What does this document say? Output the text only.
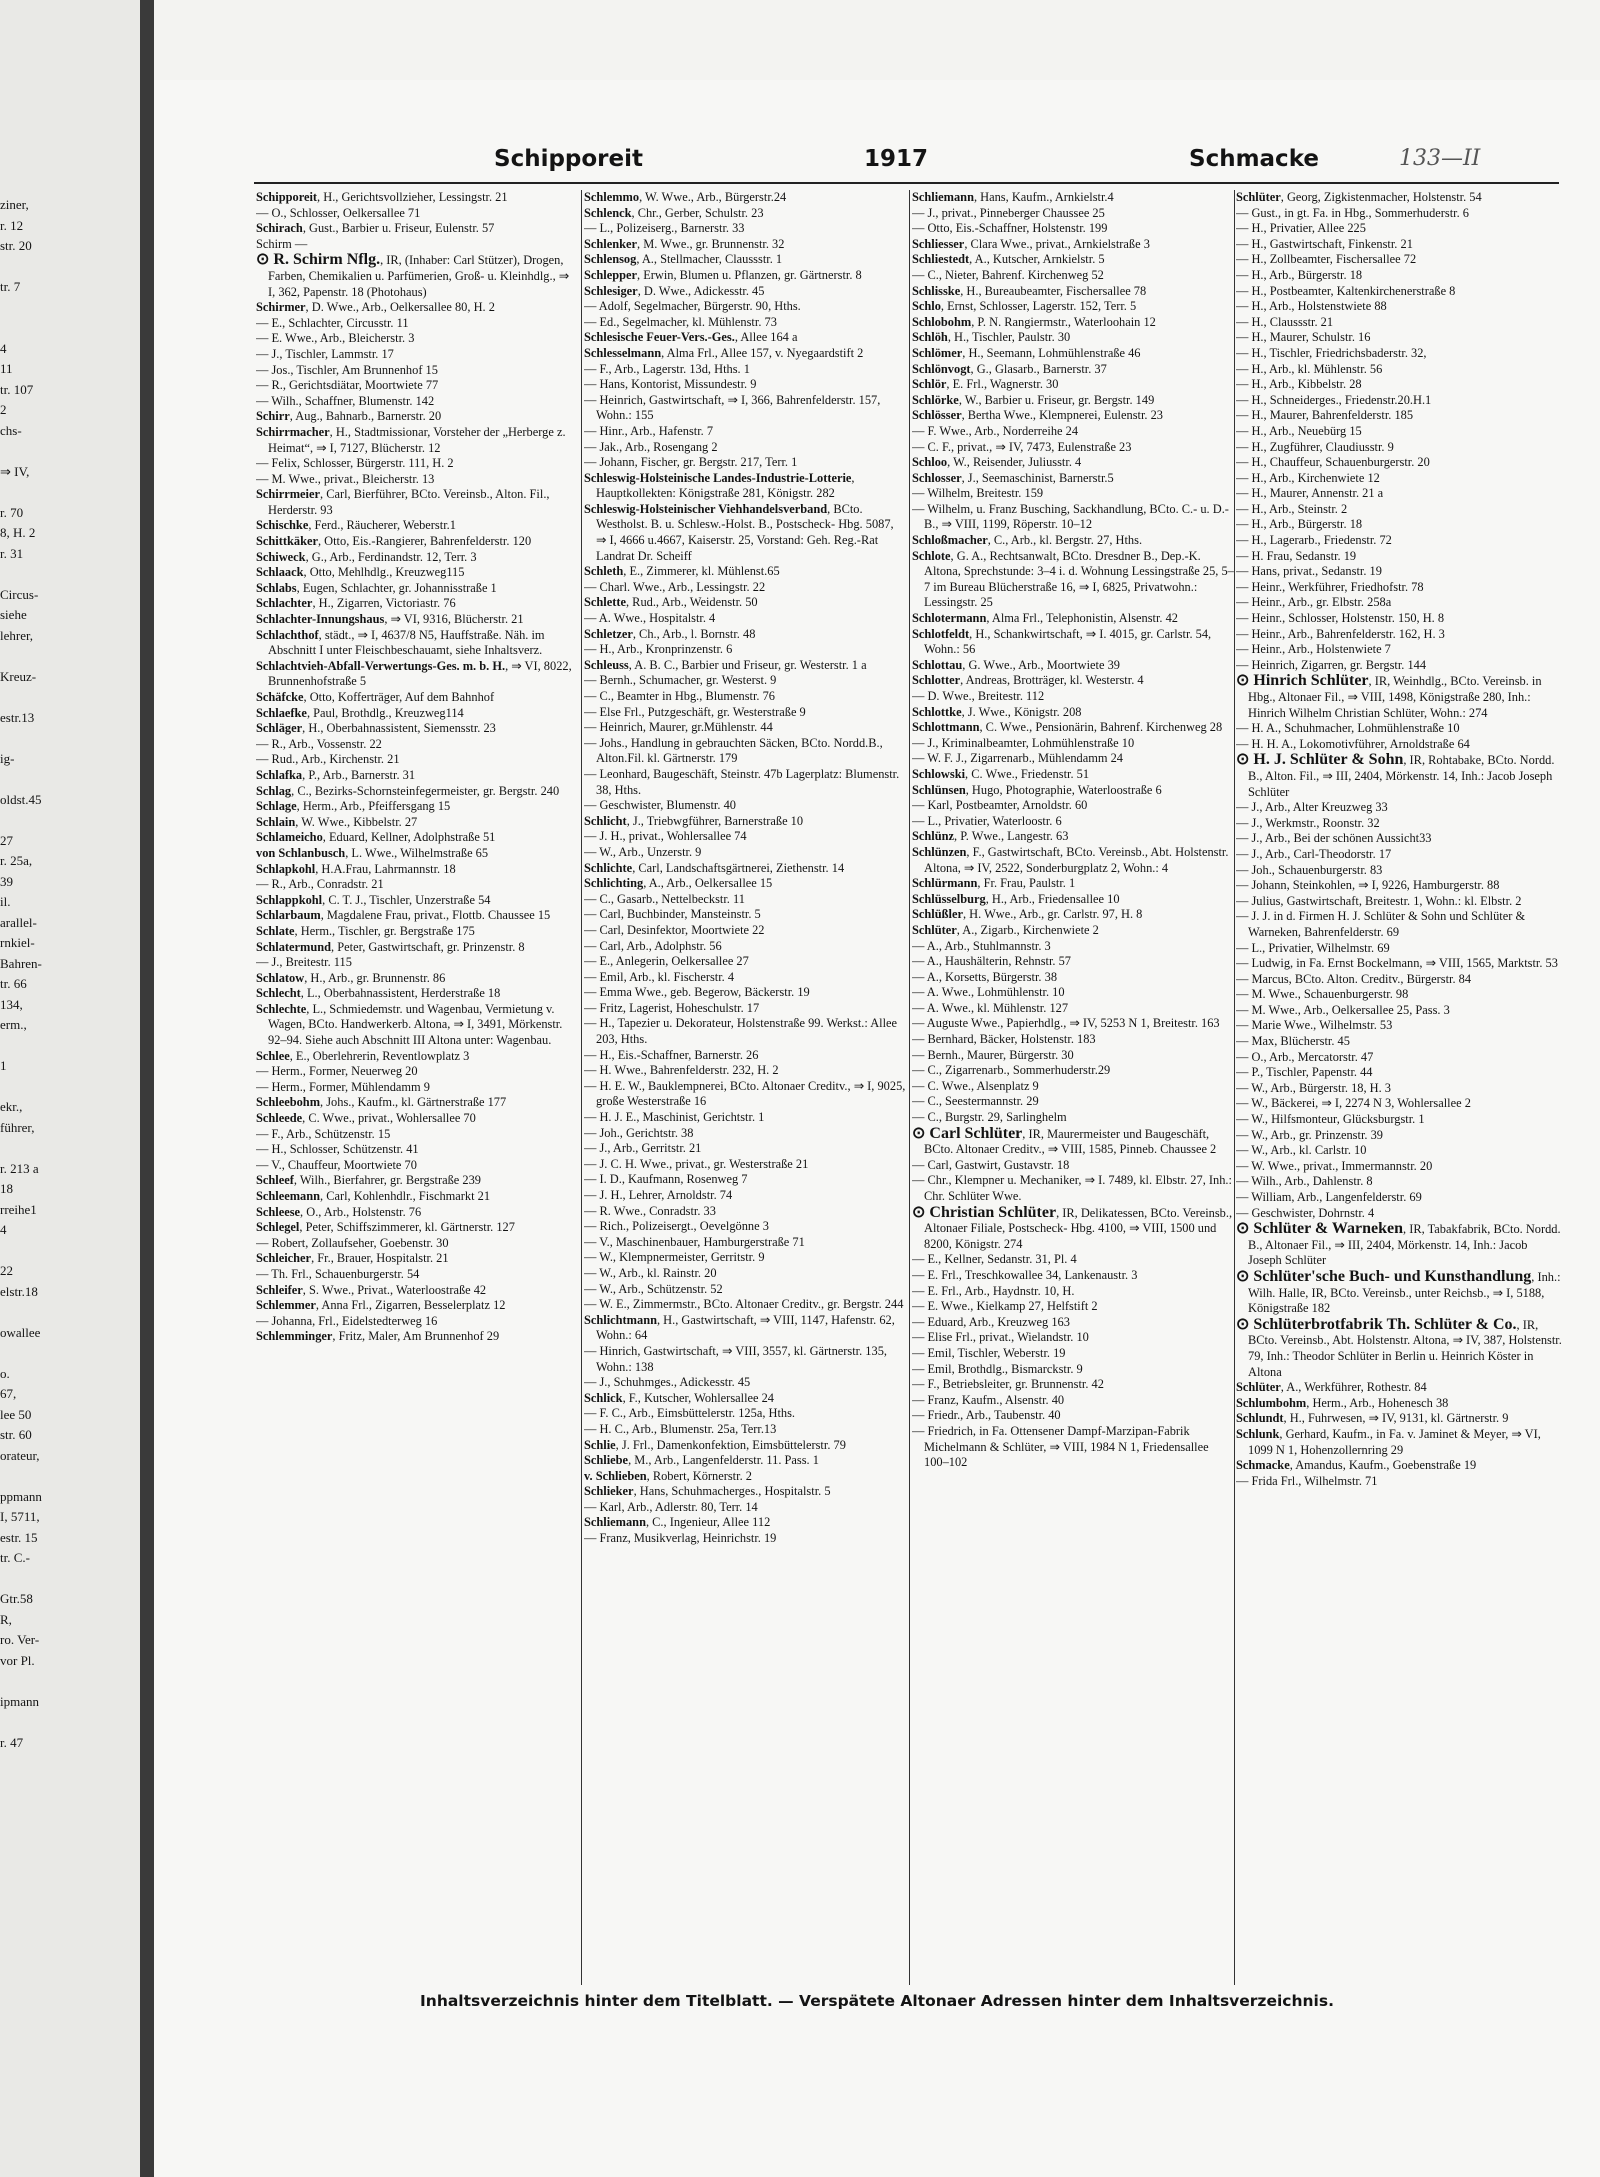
ziner,
r. 12
str. 20

tr. 7

4
11
tr. 107
2
chs-

⇒ IV,

r. 70
8, H. 2
r. 31

Circus-
siehe
lehrer,

Kreuz-

estr.13

ig-

oldst.45

27
r. 25a,
39
il.
arallel-
rnkiel-
Bahren-
tr. 66
134,
erm.,

1

ekr.,
führer,

r. 213 a
18
rreihe1
4

22
elstr.18

owallee

o.
67,
lee 50
str. 60
orateur,

ppmann
I, 5711,
estr. 15
tr. C.-

Gtr.58
R,
ro. Ver-
vor Pl.

ipmann

r. 47
Schipporeit	1917	Schmacke	133—II

Schipporeit, H., Gerichtsvollzieher, Lessingstr. 21

— O., Schlosser, Oelkersallee 71

Schirach, Gust., Barbier u. Friseur, Eulenstr. 57

Schirm —

⊙ R. Schirm Nflg., IR, (Inhaber: Carl Stützer), Drogen, Farben, Chemikalien u. Parfümerien, Groß- u. Kleinhdlg., ⇒ I, 362, Papenstr. 18 (Photohaus)

Schirmer, D. Wwe., Arb., Oelkersallee 80, H. 2

— E., Schlachter, Circusstr. 11

— E. Wwe., Arb., Bleicherstr. 3

— J., Tischler, Lammstr. 17

— Jos., Tischler, Am Brunnenhof 15

— R., Gerichtsdiätar, Moortwiete 77

— Wilh., Schaffner, Blumenstr. 142

Schirr, Aug., Bahnarb., Barnerstr. 20

Schirrmacher, H., Stadtmissionar, Vorsteher der „Herberge z. Heimat“, ⇒ I, 7127, Blücherstr. 12

— Felix, Schlosser, Bürgerstr. 111, H. 2

— M. Wwe., privat., Bleicherstr. 13

Schirrmeier, Carl, Bierführer, BCto. Vereinsb., Alton. Fil., Herderstr. 93

Schischke, Ferd., Räucherer, Weberstr.1

Schittkäker, Otto, Eis.-Rangierer, Bahrenfelderstr. 120

Schiweck, G., Arb., Ferdinandstr. 12, Terr. 3

Schlaack, Otto, Mehlhdlg., Kreuzweg115

Schlabs, Eugen, Schlachter, gr. Johannisstraße 1

Schlachter, H., Zigarren, Victoriastr. 76

Schlachter-Innungshaus, ⇒ VI, 9316, Blücherstr. 21

Schlachthof, städt., ⇒ I, 4637/8 N5, Hauffstraße. Näh. im Abschnitt I unter Fleischbeschauamt, siehe Inhaltsverz.

Schlachtvieh-Abfall-Verwertungs-Ges. m. b. H., ⇒ VI, 8022, Brunnenhofstraße 5

Schäfcke, Otto, Kofferträger, Auf dem Bahnhof

Schlaefke, Paul, Brothdlg., Kreuzweg114

Schläger, H., Oberbahnassistent, Siemensstr. 23

— R., Arb., Vossenstr. 22

— Rud., Arb., Kirchenstr. 21

Schlafka, P., Arb., Barnerstr. 31

Schlag, C., Bezirks-Schornsteinfegermeister, gr. Bergstr. 240

Schlage, Herm., Arb., Pfeiffersgang 15

Schlain, W. Wwe., Kibbelstr. 27

Schlameicho, Eduard, Kellner, Adolphstraße 51

von Schlanbusch, L. Wwe., Wilhelmstraße 65

Schlapkohl, H.A.Frau, Lahrmannstr. 18

— R., Arb., Conradstr. 21

Schlappkohl, C. T. J., Tischler, Unzerstraße 54

Schlarbaum, Magdalene Frau, privat., Flottb. Chaussee 15

Schlate, Herm., Tischler, gr. Bergstraße 175

Schlatermund, Peter, Gastwirtschaft, gr. Prinzenstr. 8

— J., Breitestr. 115

Schlatow, H., Arb., gr. Brunnenstr. 86

Schlecht, L., Oberbahnassistent, Herderstraße 18

Schlechte, L., Schmiedemstr. und Wagenbau, Vermietung v. Wagen, BCto. Handwerkerb. Altona, ⇒ I, 3491, Mörkenstr. 92–94. Siehe auch Abschnitt III Altona unter: Wagenbau.

Schlee, E., Oberlehrerin, Reventlowplatz 3

— Herm., Former, Neuerweg 20

— Herm., Former, Mühlendamm 9

Schleebohm, Johs., Kaufm., kl. Gärtnerstraße 177

Schleede, C. Wwe., privat., Wohlersallee 70

— F., Arb., Schützenstr. 15

— H., Schlosser, Schützenstr. 41

— V., Chauffeur, Moortwiete 70

Schleef, Wilh., Bierfahrer, gr. Bergstraße 239

Schleemann, Carl, Kohlenhdlr., Fischmarkt 21

Schleese, O., Arb., Holstenstr. 76

Schlegel, Peter, Schiffszimmerer, kl. Gärtnerstr. 127

— Robert, Zollaufseher, Goebenstr. 30

Schleicher, Fr., Brauer, Hospitalstr. 21

— Th. Frl., Schauenburgerstr. 54

Schleifer, S. Wwe., Privat., Waterloostraße 42

Schlemmer, Anna Frl., Zigarren, Besselerplatz 12

— Johanna, Frl., Eidelstedterweg 16

Schlemminger, Fritz, Maler, Am Brunnenhof 29

Schlemmo, W. Wwe., Arb., Bürgerstr.24

Schlenck, Chr., Gerber, Schulstr. 23

— L., Polizeiserg., Barnerstr. 33

Schlenker, M. Wwe., gr. Brunnenstr. 32

Schlensog, A., Stellmacher, Claussstr. 1

Schlepper, Erwin, Blumen u. Pflanzen, gr. Gärtnerstr. 8

Schlesiger, D. Wwe., Adickesstr. 45

— Adolf, Segelmacher, Bürgerstr. 90, Hths.

— Ed., Segelmacher, kl. Mühlenstr. 73

Schlesische Feuer-Vers.-Ges., Allee 164 a

Schlesselmann, Alma Frl., Allee 157, v. Nyegaardstift 2

— F., Arb., Lagerstr. 13d, Hths. 1

— Hans, Kontorist, Missundestr. 9

— Heinrich, Gastwirtschaft, ⇒ I, 366, Bahrenfelderstr. 157, Wohn.: 155

— Hinr., Arb., Hafenstr. 7

— Jak., Arb., Rosengang 2

— Johann, Fischer, gr. Bergstr. 217, Terr. 1

Schleswig-Holsteinische Landes-Industrie-Lotterie, Hauptkollekten: Königstraße 281, Königstr. 282

Schleswig-Holsteinischer Viehhandelsverband, BCto. Westholst. B. u. Schlesw.-Holst. B., Postscheck- Hbg. 5087, ⇒ I, 4666 u.4667, Kaiserstr. 25, Vorstand: Geh. Reg.-Rat Landrat Dr. Scheiff

Schleth, E., Zimmerer, kl. Mühlenst.65

— Charl. Wwe., Arb., Lessingstr. 22

Schlette, Rud., Arb., Weidenstr. 50

— A. Wwe., Hospitalstr. 4

Schletzer, Ch., Arb., l. Bornstr. 48

— H., Arb., Kronprinzenstr. 6

Schleuss, A. B. C., Barbier und Friseur, gr. Westerstr. 1 a

— Bernh., Schumacher, gr. Westerst. 9

— C., Beamter in Hbg., Blumenstr. 76

— Else Frl., Putzgeschäft, gr. Westerstraße 9

— Heinrich, Maurer, gr.Mühlenstr. 44

— Johs., Handlung in gebrauchten Säcken, BCto. Nordd.B., Alton.Fil. kl. Gärtnerstr. 179

— Leonhard, Baugeschäft, Steinstr. 47b Lagerplatz: Blumenstr. 38, Hths.

— Geschwister, Blumenstr. 40

Schlicht, J., Triebwgführer, Barnerstraße 10

— J. H., privat., Wohlersallee 74

— W., Arb., Unzerstr. 9

Schlichte, Carl, Landschaftsgärtnerei, Ziethenstr. 14

Schlichting, A., Arb., Oelkersallee 15

— C., Gasarb., Nettelbeckstr. 11

— Carl, Buchbinder, Mansteinstr. 5

— Carl, Desinfektor, Moortwiete 22

— Carl, Arb., Adolphstr. 56

— E., Anlegerin, Oelkersallee 27

— Emil, Arb., kl. Fischerstr. 4

— Emma Wwe., geb. Begerow, Bäckerstr. 19

— Fritz, Lagerist, Hoheschulstr. 17

— H., Tapezier u. Dekorateur, Holstenstraße 99. Werkst.: Allee 203, Hths.

— H., Eis.-Schaffner, Barnerstr. 26

— H. Wwe., Bahrenfelderstr. 232, H. 2

— H. E. W., Bauklempnerei, BCto. Altonaer Creditv., ⇒ I, 9025, große Westerstraße 16

— H. J. E., Maschinist, Gerichtstr. 1

— Joh., Gerichtstr. 38

— J., Arb., Gerritstr. 21

— J. C. H. Wwe., privat., gr. Westerstraße 21

— I. D., Kaufmann, Rosenweg 7

— J. H., Lehrer, Arnoldstr. 74

— R. Wwe., Conradstr. 33

— Rich., Polizeisergt., Oevelgönne 3

— V., Maschinenbauer, Hamburgerstraße 71

— W., Klempnermeister, Gerritstr. 9

— W., Arb., kl. Rainstr. 20

— W., Arb., Schützenstr. 52

— W. E., Zimmermstr., BCto. Altonaer Creditv., gr. Bergstr. 244

Schlichtmann, H., Gastwirtschaft, ⇒ VIII, 1147, Hafenstr. 62, Wohn.: 64

— Hinrich, Gastwirtschaft, ⇒ VIII, 3557, kl. Gärtnerstr. 135, Wohn.: 138

— J., Schuhmges., Adickesstr. 45

Schlick, F., Kutscher, Wohlersallee 24

— F. C., Arb., Eimsbüttelerstr. 125a, Hths.

— H. C., Arb., Blumenstr. 25a, Terr.13

Schlie, J. Frl., Damenkonfektion, Eimsbüttelerstr. 79

Schliebe, M., Arb., Langenfelderstr. 11. Pass. 1

v. Schlieben, Robert, Körnerstr. 2

Schlieker, Hans, Schuhmacherges., Hospitalstr. 5

— Karl, Arb., Adlerstr. 80, Terr. 14

Schliemann, C., Ingenieur, Allee 112

— Franz, Musikverlag, Heinrichstr. 19

Schliemann, Hans, Kaufm., Arnkielstr.4

— J., privat., Pinneberger Chaussee 25

— Otto, Eis.-Schaffner, Holstenstr. 199

Schliesser, Clara Wwe., privat., Arnkielstraße 3

Schliestedt, A., Kutscher, Arnkielstr. 5

— C., Nieter, Bahrenf. Kirchenweg 52

Schlisske, H., Bureaubeamter, Fischersallee 78

Schlo, Ernst, Schlosser, Lagerstr. 152, Terr. 5

Schlobohm, P. N. Rangiermstr., Waterloohain 12

Schlöh, H., Tischler, Paulstr. 30

Schlömer, H., Seemann, Lohmühlenstraße 46

Schlönvogt, G., Glasarb., Barnerstr. 37

Schlör, E. Frl., Wagnerstr. 30

Schlörke, W., Barbier u. Friseur, gr. Bergstr. 149

Schlösser, Bertha Wwe., Klempnerei, Eulenstr. 23

— F. Wwe., Arb., Norderreihe 24

— C. F., privat., ⇒ IV, 7473, Eulenstraße 23

Schloo, W., Reisender, Juliusstr. 4

Schlosser, J., Seemaschinist, Barnerstr.5

— Wilhelm, Breitestr. 159

— Wilhelm, u. Franz Busching, Sackhandlung, BCto. C.- u. D.-B., ⇒ VIII, 1199, Röperstr. 10–12

Schloßmacher, C., Arb., kl. Bergstr. 27, Hths.

Schlote, G. A., Rechtsanwalt, BCto. Dresdner B., Dep.-K. Altona, Sprechstunde: 3–4 i. d. Wohnung Lessingstraße 25, 5–7 im Bureau Blücherstraße 16, ⇒ I, 6825, Privatwohn.: Lessingstr. 25

Schlotermann, Alma Frl., Telephonistin, Alsenstr. 42

Schlotfeldt, H., Schankwirtschaft, ⇒ I. 4015, gr. Carlstr. 54, Wohn.: 56

Schlottau, G. Wwe., Arb., Moortwiete 39

Schlotter, Andreas, Brotträger, kl. Westerstr. 4

— D. Wwe., Breitestr. 112

Schlottke, J. Wwe., Königstr. 208

Schlottmann, C. Wwe., Pensionärin, Bahrenf. Kirchenweg 28

— J., Kriminalbeamter, Lohmühlenstraße 10

— W. F. J., Zigarrenarb., Mühlendamm 24

Schlowski, C. Wwe., Friedenstr. 51

Schlünsen, Hugo, Photographie, Waterloostraße 6

— Karl, Postbeamter, Arnoldstr. 60

— L., Privatier, Waterloostr. 6

Schlünz, P. Wwe., Langestr. 63

Schlünzen, F., Gastwirtschaft, BCto. Vereinsb., Abt. Holstenstr. Altona, ⇒ IV, 2522, Sonderburgplatz 2, Wohn.: 4

Schlürmann, Fr. Frau, Paulstr. 1

Schlüsselburg, H., Arb., Friedensallee 10

Schlüßler, H. Wwe., Arb., gr. Carlstr. 97, H. 8

Schlüter, A., Zigarb., Kirchenwiete 2

— A., Arb., Stuhlmannstr. 3

— A., Haushälterin, Rehnstr. 57

— A., Korsetts, Bürgerstr. 38

— A. Wwe., Lohmühlenstr. 10

— A. Wwe., kl. Mühlenstr. 127

— Auguste Wwe., Papierhdlg., ⇒ IV, 5253 N 1, Breitestr. 163

— Bernhard, Bäcker, Holstenstr. 183

— Bernh., Maurer, Bürgerstr. 30

— C., Zigarrenarb., Sommerhuderstr.29

— C. Wwe., Alsenplatz 9

— C., Seestermannstr. 29

— C., Burgstr. 29, Sarlinghelm

⊙ Carl Schlüter, IR, Maurermeister und Baugeschäft, BCto. Altonaer Creditv., ⇒ VIII, 1585, Pinneb. Chaussee 2

— Carl, Gastwirt, Gustavstr. 18

— Chr., Klempner u. Mechaniker, ⇒ I. 7489, kl. Elbstr. 27, Inh.: Chr. Schlüter Wwe.

⊙ Christian Schlüter, IR, Delikatessen, BCto. Vereinsb., Altonaer Filiale, Postscheck- Hbg. 4100, ⇒ VIII, 1500 und 8200, Königstr. 274

— E., Kellner, Sedanstr. 31, Pl. 4

— E. Frl., Treschkowallee 34, Lankenaustr. 3

— E. Frl., Arb., Haydnstr. 10, H.

— E. Wwe., Kielkamp 27, Helfstift 2

— Eduard, Arb., Kreuzweg 163

— Elise Frl., privat., Wielandstr. 10

— Emil, Tischler, Weberstr. 19

— Emil, Brothdlg., Bismarckstr. 9

— F., Betriebsleiter, gr. Brunnenstr. 42

— Franz, Kaufm., Alsenstr. 40

— Friedr., Arb., Taubenstr. 40

— Friedrich, in Fa. Ottensener Dampf-Marzipan-Fabrik Michelmann & Schlüter, ⇒ VIII, 1984 N 1, Friedensallee 100–102

Schlüter, Georg, Zigkistenmacher, Holstenstr. 54

— Gust., in gt. Fa. in Hbg., Sommerhuderstr. 6

— H., Privatier, Allee 225

— H., Gastwirtschaft, Finkenstr. 21

— H., Zollbeamter, Fischersallee 72

— H., Arb., Bürgerstr. 18

— H., Postbeamter, Kaltenkirchenerstraße 8

— H., Arb., Holstenstwiete 88

— H., Claussstr. 21

— H., Maurer, Schulstr. 16

— H., Tischler, Friedrichsbaderstr. 32,

— H., Arb., kl. Mühlenstr. 56

— H., Arb., Kibbelstr. 28

— H., Schneiderges., Friedenstr.20.H.1

— H., Maurer, Bahrenfelderstr. 185

— H., Arb., Neuebürg 15

— H., Zugführer, Claudiusstr. 9

— H., Chauffeur, Schauenburgerstr. 20

— H., Arb., Kirchenwiete 12

— H., Maurer, Annenstr. 21 a

— H., Arb., Steinstr. 2

— H., Arb., Bürgerstr. 18

— H., Lagerarb., Friedenstr. 72

— H. Frau, Sedanstr. 19

— Hans, privat., Sedanstr. 19

— Heinr., Werkführer, Friedhofstr. 78

— Heinr., Arb., gr. Elbstr. 258a

— Heinr., Schlosser, Holstenstr. 150, H. 8

— Heinr., Arb., Bahrenfelderstr. 162, H. 3

— Heinr., Arb., Holstenwiete 7

— Heinrich, Zigarren, gr. Bergstr. 144

⊙ Hinrich Schlüter, IR, Weinhdlg., BCto. Vereinsb. in Hbg., Altonaer Fil., ⇒ VIII, 1498, Königstraße 280, Inh.: Hinrich Wilhelm Christian Schlüter, Wohn.: 274

— H. A., Schuhmacher, Lohmühlenstraße 10

— H. H. A., Lokomotivführer, Arnoldstraße 64

⊙ H. J. Schlüter & Sohn, IR, Rohtabake, BCto. Nordd. B., Alton. Fil., ⇒ III, 2404, Mörkenstr. 14, Inh.: Jacob Joseph Schlüter

— J., Arb., Alter Kreuzweg 33

— J., Werkmstr., Roonstr. 32

— J., Arb., Bei der schönen Aussicht33

— J., Arb., Carl-Theodorstr. 17

— Joh., Schauenburgerstr. 83

— Johann, Steinkohlen, ⇒ I, 9226, Hamburgerstr. 88

— Julius, Gastwirtschaft, Breitestr. 1, Wohn.: kl. Elbstr. 2

— J. J. in d. Firmen H. J. Schlüter & Sohn und Schlüter & Warneken, Bahrenfelderstr. 69

— L., Privatier, Wilhelmstr. 69

— Ludwig, in Fa. Ernst Bockelmann, ⇒ VIII, 1565, Marktstr. 53

— Marcus, BCto. Alton. Creditv., Bürgerstr. 84

— M. Wwe., Schauenburgerstr. 98

— M. Wwe., Arb., Oelkersallee 25, Pass. 3

— Marie Wwe., Wilhelmstr. 53

— Max, Blücherstr. 45

— O., Arb., Mercatorstr. 47

— P., Tischler, Papenstr. 44

— W., Arb., Bürgerstr. 18, H. 3

— W., Bäckerei, ⇒ I, 2274 N 3, Wohlersallee 2

— W., Hilfsmonteur, Glücksburgstr. 1

— W., Arb., gr. Prinzenstr. 39

— W., Arb., kl. Carlstr. 10

— W. Wwe., privat., Immermannstr. 20

— Wilh., Arb., Dahlenstr. 8

— William, Arb., Langenfelderstr. 69

— Geschwister, Dohrnstr. 4

⊙ Schlüter & Warneken, IR, Tabakfabrik, BCto. Nordd. B., Altonaer Fil., ⇒ III, 2404, Mörkenstr. 14, Inh.: Jacob Joseph Schlüter

⊙ Schlüter'sche Buch- und Kunsthandlung, Inh.: Wilh. Halle, IR, BCto. Vereinsb., unter Reichsb., ⇒ I, 5188, Königstraße 182

⊙ Schlüterbrotfabrik Th. Schlüter & Co., IR, BCto. Vereinsb., Abt. Holstenstr. Altona, ⇒ IV, 387, Holstenstr. 79, Inh.: Theodor Schlüter in Berlin u. Heinrich Köster in Altona

Schlüter, A., Werkführer, Rothestr. 84

Schlumbohm, Herm., Arb., Hohenesch 38

Schlundt, H., Fuhrwesen, ⇒ IV, 9131, kl. Gärtnerstr. 9

Schlunk, Gerhard, Kaufm., in Fa. v. Jaminet & Meyer, ⇒ VI, 1099 N 1, Hohenzollernring 29

Schmacke, Amandus, Kaufm., Goebenstraße 19

— Frida Frl., Wilhelmstr. 71

Inhaltsverzeichnis hinter dem Titelblatt. — Verspätete Altonaer Adressen hinter dem Inhaltsverzeichnis.
